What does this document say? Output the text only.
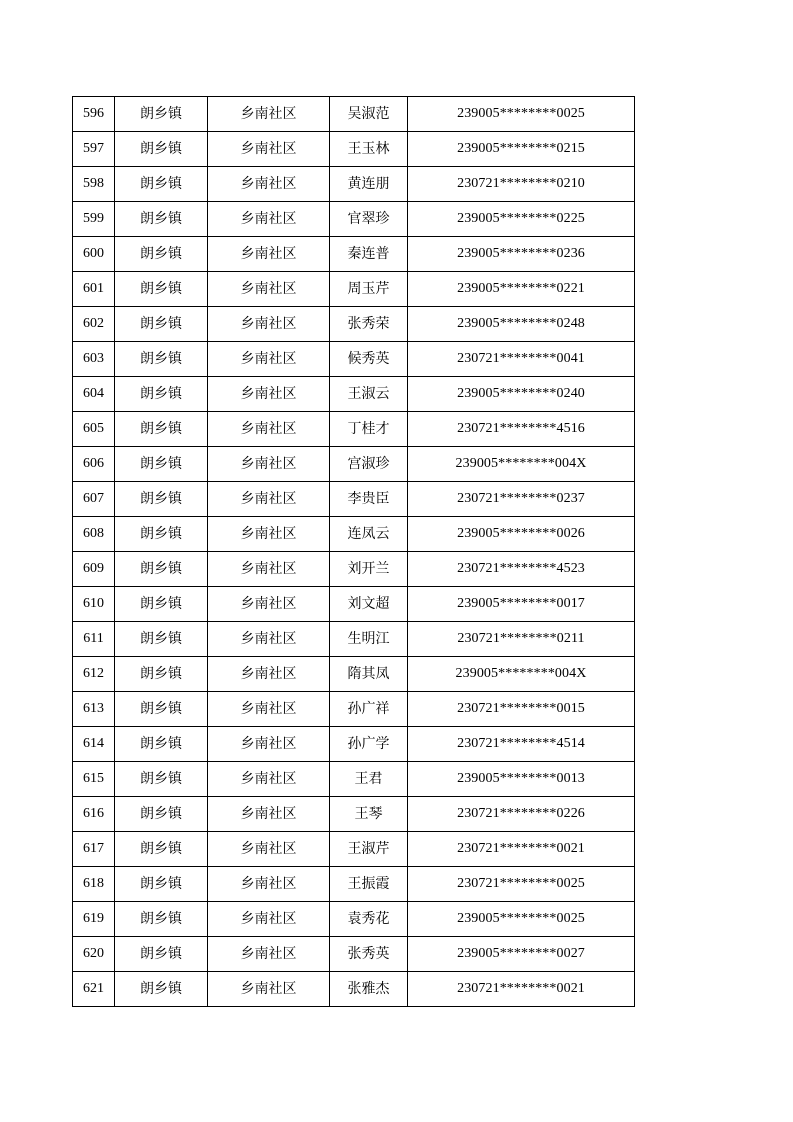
596	朗乡镇	乡南社区	吴淑范	239005********0025
597	朗乡镇	乡南社区	王玉林	239005********0215
598	朗乡镇	乡南社区	黄连朋	230721********0210
599	朗乡镇	乡南社区	官翠珍	239005********0225
600	朗乡镇	乡南社区	秦连普	239005********0236
601	朗乡镇	乡南社区	周玉芹	239005********0221
602	朗乡镇	乡南社区	张秀荣	239005********0248
603	朗乡镇	乡南社区	候秀英	230721********0041
604	朗乡镇	乡南社区	王淑云	239005********0240
605	朗乡镇	乡南社区	丁桂才	230721********4516
606	朗乡镇	乡南社区	宫淑珍	239005********004X
607	朗乡镇	乡南社区	李贵臣	230721********0237
608	朗乡镇	乡南社区	连凤云	239005********0026
609	朗乡镇	乡南社区	刘开兰	230721********4523
610	朗乡镇	乡南社区	刘文超	239005********0017
611	朗乡镇	乡南社区	生明江	230721********0211
612	朗乡镇	乡南社区	隋其凤	239005********004X
613	朗乡镇	乡南社区	孙广祥	230721********0015
614	朗乡镇	乡南社区	孙广学	230721********4514
615	朗乡镇	乡南社区	王君	239005********0013
616	朗乡镇	乡南社区	王琴	230721********0226
617	朗乡镇	乡南社区	王淑芹	230721********0021
618	朗乡镇	乡南社区	王振霞	230721********0025
619	朗乡镇	乡南社区	袁秀花	239005********0025
620	朗乡镇	乡南社区	张秀英	239005********0027
621	朗乡镇	乡南社区	张雅杰	230721********0021
